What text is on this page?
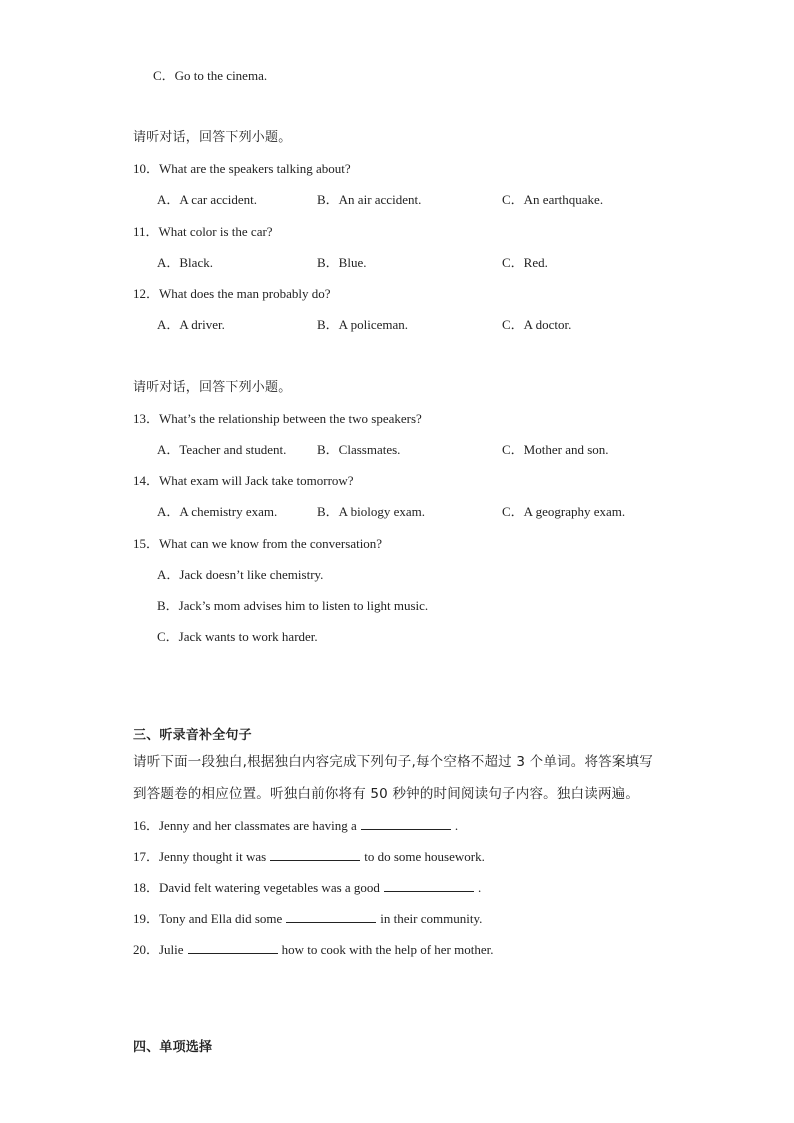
C．Go to the cinema.
请听对话，回答下列小题。
10．What are the speakers talking about?
A．A car accident.	B．An air accident.	C．An earthquake.
11．What color is the car?
A．Black.	B．Blue.	C．Red.
12．What does the man probably do?
A．A driver.	B．A policeman.	C．A doctor.
请听对话，回答下列小题。
13．What’s the relationship between the two speakers?
A．Teacher and student. B．Classmates.	C．Mother and son.
14．What exam will Jack take tomorrow?
A．A chemistry exam.	B．A biology exam.	C．A geography exam.
15．What can we know from the conversation?
A．Jack doesn’t like chemistry.
B．Jack’s mom advises him to listen to light music.
C．Jack wants to work harder.
三、听录音补全句子
请听下面一段独白,根据独白内容完成下列句子,每个空格不超过 3 个单词。将答案填写
到答题卷的相应位置。听独白前你将有 50 秒钟的时间阅读句子内容。独白读两遍。
16．Jenny and her classmates are having a	.
17．Jenny thought it was	to do some housework.
18．David felt watering vegetables was a good	.
19．Tony and Ella did some	in their community.
20．Julie	how to cook with the help of her mother.
四、单项选择
